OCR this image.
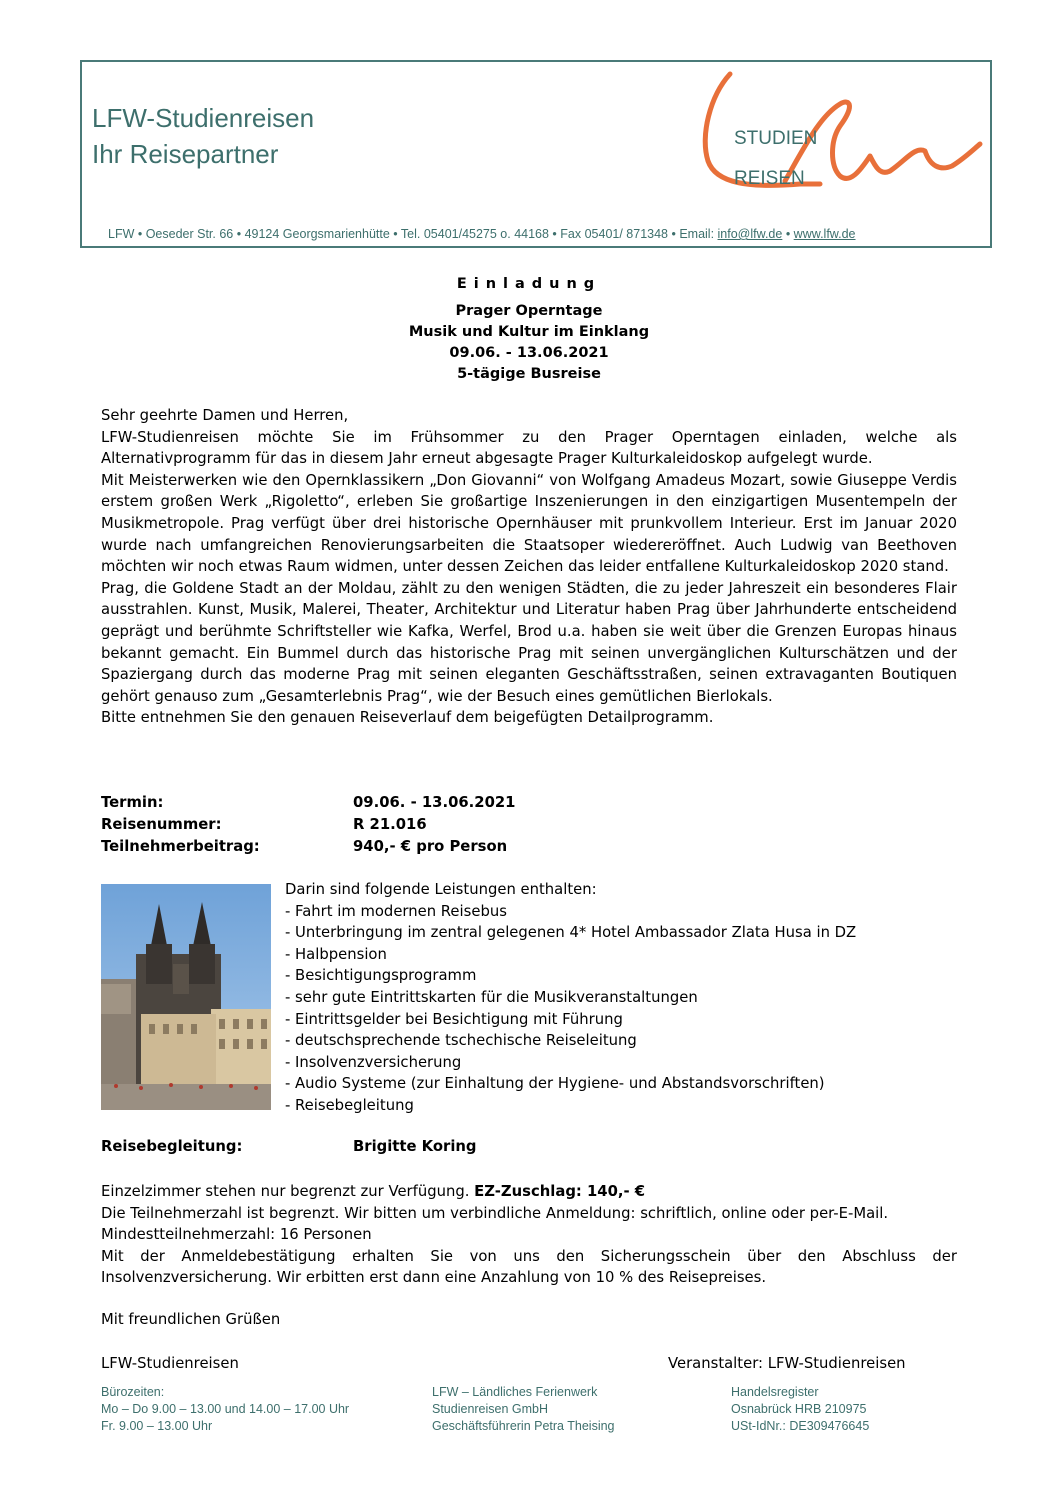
LFW-Studienreisen
Ihr Reisepartner
STUDIEN
REISEN
LFW • Oeseder Str. 66 • 49124 Georgsmarienhütte • Tel. 05401/45275 o. 44168 • Fax 05401/ 871348 • Email: info@lfw.de • www.lfw.de
Einladung
Prager Operntage
Musik und Kultur im Einklang
09.06. - 13.06.2021
5-tägige Busreise

Sehr geehrte Damen und Herren,

LFW-Studienreisen möchte Sie im Frühsommer zu den Prager Operntagen einladen, welche als Alternativprogramm für das in diesem Jahr erneut abgesagte Prager Kulturkaleidoskop aufgelegt wurde.

Mit Meisterwerken wie den Opernklassikern „Don Giovanni“ von Wolfgang Amadeus Mozart, sowie Giuseppe Verdis erstem großen Werk „Rigoletto“, erleben Sie großartige Inszenierungen in den einzigartigen Musentempeln der Musikmetropole. Prag verfügt über drei historische Opernhäuser mit prunkvollem Interieur. Erst im Januar 2020 wurde nach umfangreichen Renovierungsarbeiten die Staatsoper wiedereröffnet. Auch Ludwig van Beethoven möchten wir noch etwas Raum widmen, unter dessen Zeichen das leider entfallene Kulturkaleidoskop 2020 stand.

Prag, die Goldene Stadt an der Moldau, zählt zu den wenigen Städten, die zu jeder Jahreszeit ein besonderes Flair ausstrahlen. Kunst, Musik, Malerei, Theater, Architektur und Literatur haben Prag über Jahrhunderte entscheidend geprägt und berühmte Schriftsteller wie Kafka, Werfel, Brod u.a. haben sie weit über die Grenzen Europas hinaus bekannt gemacht. Ein Bummel durch das historische Prag mit seinen unvergänglichen Kulturschätzen und der Spaziergang durch das moderne Prag mit seinen eleganten Geschäftsstraßen, seinen extravaganten Boutiquen gehört genauso zum „Gesamterlebnis Prag“, wie der Besuch eines gemütlichen Bierlokals.

Bitte entnehmen Sie den genauen Reiseverlauf dem beigefügten Detailprogramm.

Termin:	09.06. - 13.06.2021
Reisenummer:	R 21.016
Teilnehmerbeitrag:	940,- € pro Person
Darin sind folgende Leistungen enthalten:
- Fahrt im modernen Reisebus
- Unterbringung im zentral gelegenen 4* Hotel Ambassador Zlata Husa in DZ
- Halbpension
- Besichtigungsprogramm
- sehr gute Eintrittskarten für die Musikveranstaltungen
- Eintrittsgelder bei Besichtigung mit Führung
- deutschsprechende tschechische Reiseleitung
- Insolvenzversicherung
- Audio Systeme (zur Einhaltung der Hygiene- und Abstandsvorschriften)
- Reisebegleitung
Reisebegleitung:	Brigitte Koring
Einzelzimmer stehen nur begrenzt zur Verfügung. EZ-Zuschlag: 140,- €
Die Teilnehmerzahl ist begrenzt. Wir bitten um verbindliche Anmeldung: schriftlich, online oder per-E-Mail.
Mindestteilnehmerzahl: 16 Personen

Mit der Anmeldebestätigung erhalten Sie von uns den Sicherungsschein über den Abschluss der Insolvenzversicherung. Wir erbitten erst dann eine Anzahlung von 10 % des Reisepreises.

Mit freundlichen Grüßen
LFW-Studienreisen	Veranstalter: LFW-Studienreisen
Bürozeiten:
Mo – Do 9.00 – 13.00 und 14.00 – 17.00 Uhr
Fr. 9.00 – 13.00 Uhr
LFW – Ländliches Ferienwerk
Studienreisen GmbH
Geschäftsführerin Petra Theising
Handelsregister
Osnabrück HRB 210975
USt-IdNr.: DE309476645
